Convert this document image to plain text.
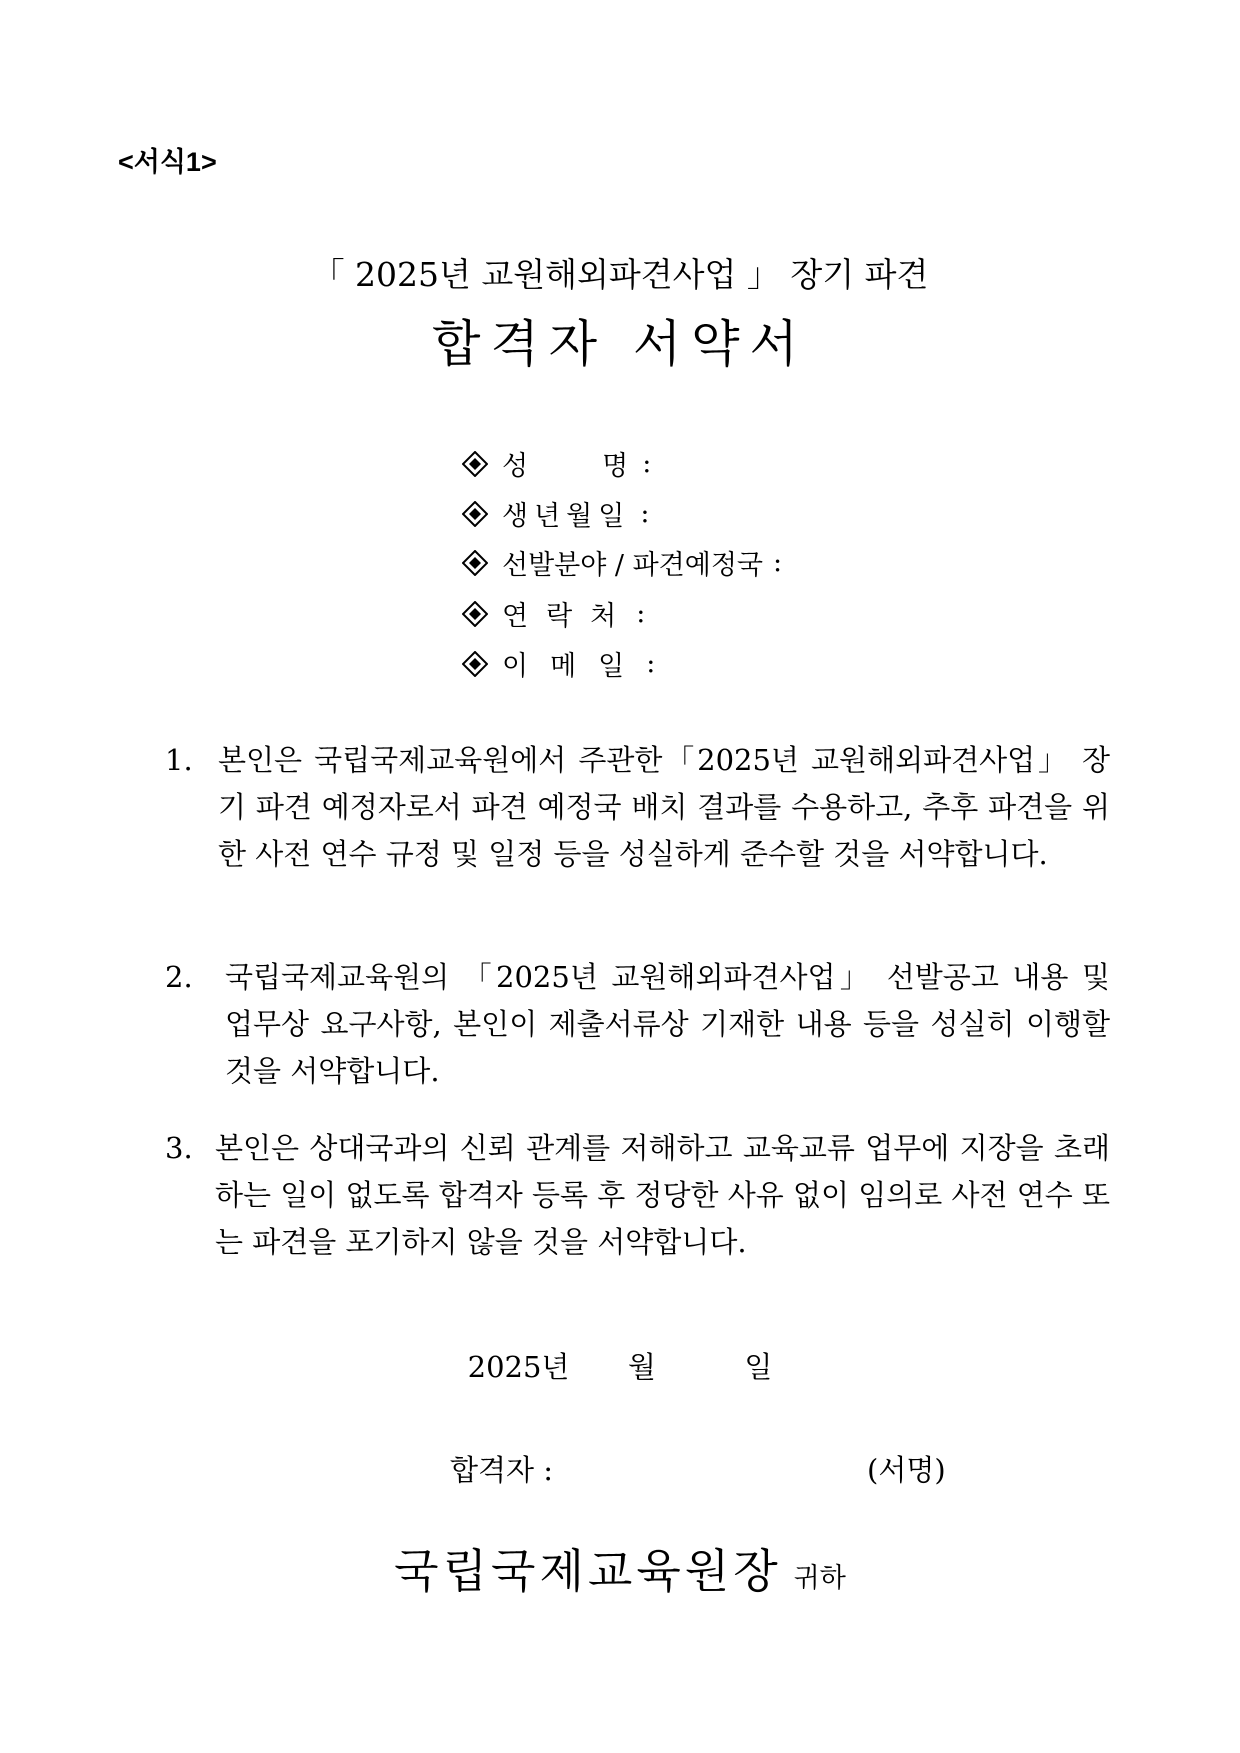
<서식1>
「 2025년 교원해외파견사업 」 장기 파견
합격자 서약서
성	명 :
생년월일 :
선발분야 / 파견예정국 :
연락처 :
이메일 :
1. 본인은 국립국제교육원에서 주관한「2025년 교원해외파견사업」 장기 파견 예정자로서 파견 예정국 배치 결과를 수용하고, 추후 파견을 위한 사전 연수 규정 및 일정 등을 성실하게 준수할 것을 서약합니다.
2. 국립국제교육원의 「2025년 교원해외파견사업」 선발공고 내용 및 업무상 요구사항, 본인이 제출서류상 기재한 내용 등을 성실히 이행할 것을 서약합니다.
3. 본인은 상대국과의 신뢰 관계를 저해하고 교육교류 업무에 지장을 초래하는 일이 없도록 합격자 등록 후 정당한 사유 없이 임의로 사전 연수 또는 파견을 포기하지 않을 것을 서약합니다.
2025년 월	일
합격자 :	(서명)
국립국제교육원장 귀하
